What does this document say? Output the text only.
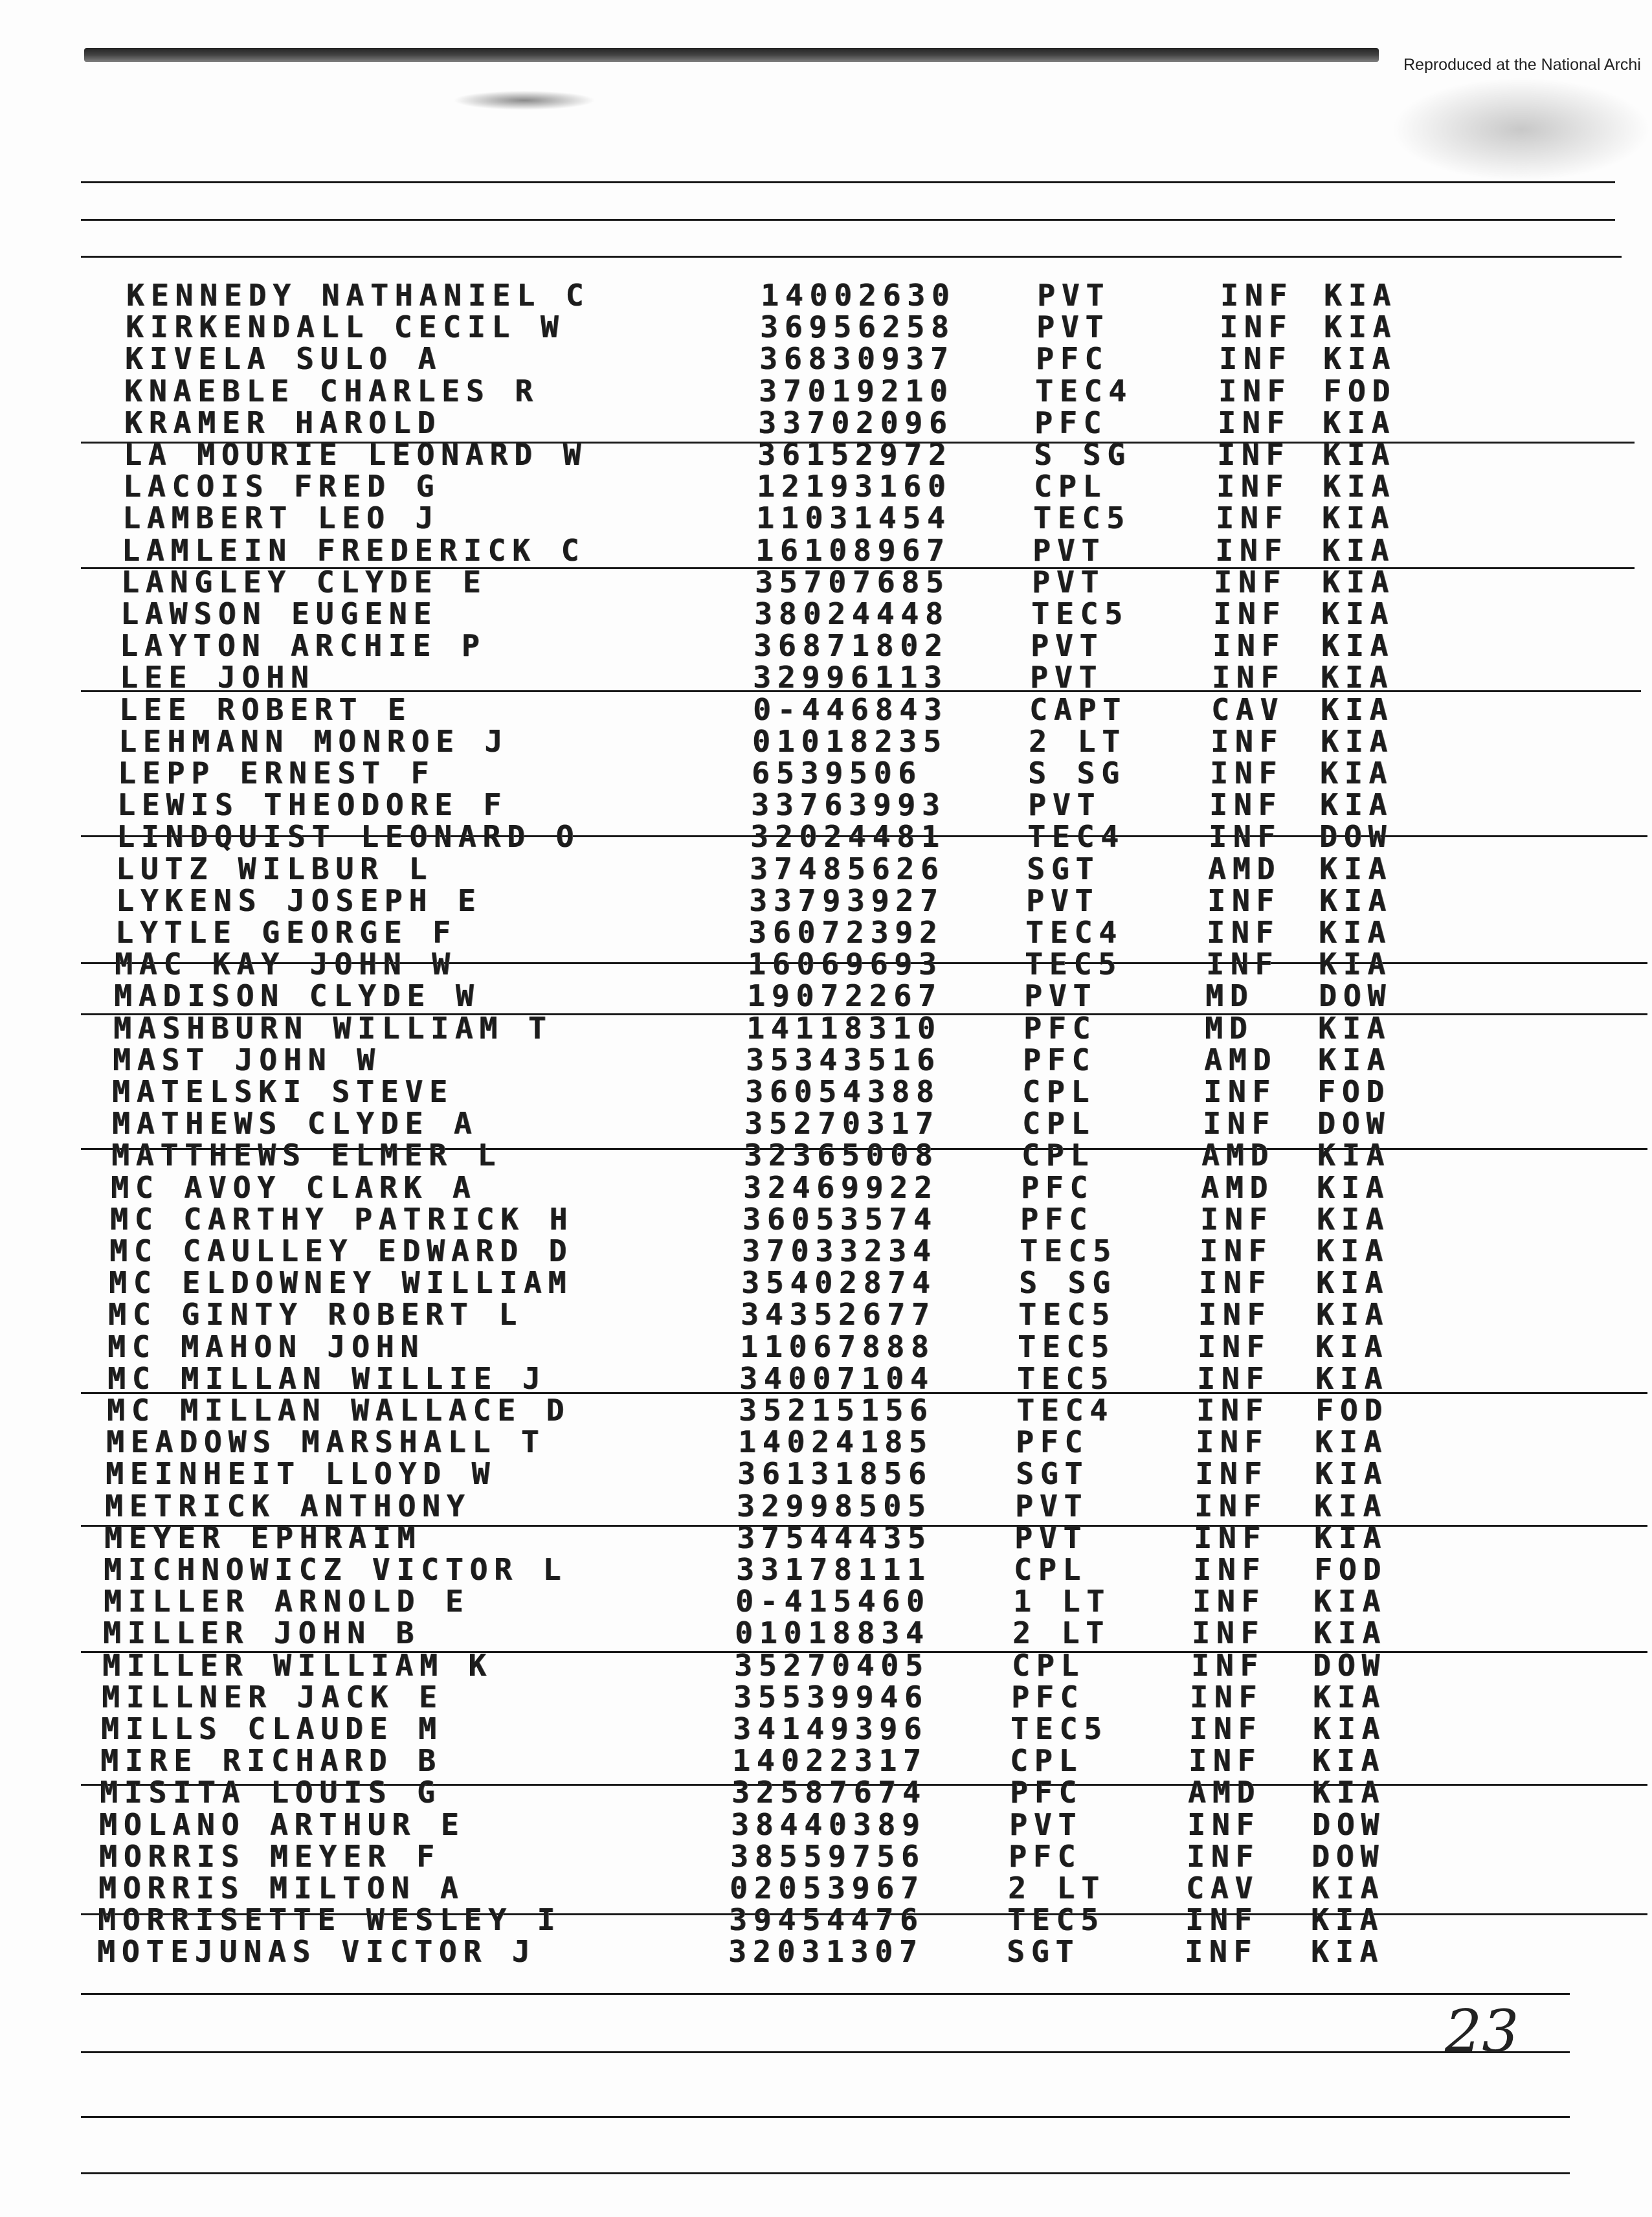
Reproduced at the National Archi
KENNEDY NATHANIEL C	14002630	PVT	INF	KIA
KIRKENDALL CECIL W	36956258	PVT	INF	KIA
KIVELA SULO A	36830937	PFC	INF	KIA
KNAEBLE CHARLES R	37019210	TEC4	INF	FOD
KRAMER HAROLD	33702096	PFC	INF	KIA
LA MOURIE LEONARD W	36152972	S SG	INF	KIA
LACOIS FRED G	12193160	CPL	INF	KIA
LAMBERT LEO J	11031454	TEC5	INF	KIA
LAMLEIN FREDERICK C	16108967	PVT	INF	KIA
LANGLEY CLYDE E	35707685	PVT	INF	KIA
LAWSON EUGENE	38024448	TEC5	INF	KIA
LAYTON ARCHIE P	36871802	PVT	INF	KIA
LEE JOHN	32996113	PVT	INF	KIA
LEE ROBERT E	0-446843	CAPT	CAV	KIA
LEHMANN MONROE J	01018235	2 LT	INF	KIA
LEPP ERNEST F	6539506	S SG	INF	KIA
LEWIS THEODORE F	33763993	PVT	INF	KIA
LINDQUIST LEONARD O	32024481	TEC4	INF	DOW
LUTZ WILBUR L	37485626	SGT	AMD	KIA
LYKENS JOSEPH E	33793927	PVT	INF	KIA
LYTLE GEORGE F	36072392	TEC4	INF	KIA
MAC KAY JOHN W	16069693	TEC5	INF	KIA
MADISON CLYDE W	19072267	PVT	MD	DOW
MASHBURN WILLIAM T	14118310	PFC	MD	KIA
MAST JOHN W	35343516	PFC	AMD	KIA
MATELSKI STEVE	36054388	CPL	INF	FOD
MATHEWS CLYDE A	35270317	CPL	INF	DOW
MATTHEWS ELMER L	32365008	CPL	AMD	KIA
MC AVOY CLARK A	32469922	PFC	AMD	KIA
MC CARTHY PATRICK H	36053574	PFC	INF	KIA
MC CAULLEY EDWARD D	37033234	TEC5	INF	KIA
MC ELDOWNEY WILLIAM	35402874	S SG	INF	KIA
MC GINTY ROBERT L	34352677	TEC5	INF	KIA
MC MAHON JOHN	11067888	TEC5	INF	KIA
MC MILLAN WILLIE J	34007104	TEC5	INF	KIA
MC MILLAN WALLACE D	35215156	TEC4	INF	FOD
MEADOWS MARSHALL T	14024185	PFC	INF	KIA
MEINHEIT LLOYD W	36131856	SGT	INF	KIA
METRICK ANTHONY	32998505	PVT	INF	KIA
MEYER EPHRAIM	37544435	PVT	INF	KIA
MICHNOWICZ VICTOR L	33178111	CPL	INF	FOD
MILLER ARNOLD E	0-415460	1 LT	INF	KIA
MILLER JOHN B	01018834	2 LT	INF	KIA
MILLER WILLIAM K	35270405	CPL	INF	DOW
MILLNER JACK E	35539946	PFC	INF	KIA
MILLS CLAUDE M	34149396	TEC5	INF	KIA
MIRE RICHARD B	14022317	CPL	INF	KIA
MISITA LOUIS G	32587674	PFC	AMD	KIA
MOLANO ARTHUR E	38440389	PVT	INF	DOW
MORRIS MEYER F	38559756	PFC	INF	DOW
MORRIS MILTON A	02053967	2 LT	CAV	KIA
MORRISETTE WESLEY I	39454476	TEC5	INF	KIA
MOTEJUNAS VICTOR J	32031307	SGT	INF	KIA
23
